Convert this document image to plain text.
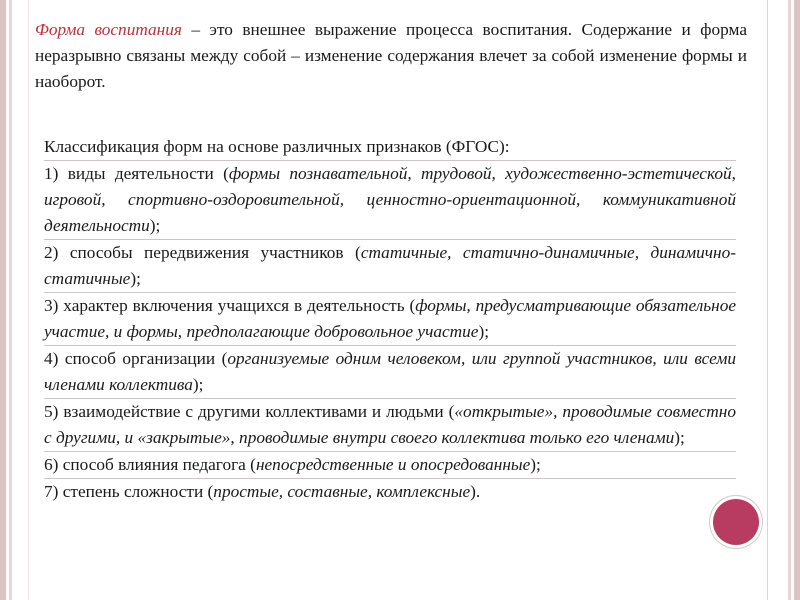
Форма воспитания – это внешнее выражение процесса воспитания. Содержание и форма неразрывно связаны между собой – изменение содержания влечет за собой изменение формы и наоборот.

Классификация форм на основе различных признаков (ФГОС):

1) виды деятельности (формы познавательной, трудовой, художественно-эстетической, игровой, спортивно-оздоровительной, ценностно-ориентационной, коммуникативной деятельности);

2) способы передвижения участников (статичные, статично-динамичные, динамично-статичные);

3) характер включения учащихся в деятельность (формы, предусматривающие обязательное участие, и формы, предполагающие добровольное участие);

4) способ организации (организуемые одним человеком, или группой участников, или всеми членами коллектива);

5) взаимодействие с другими коллективами и людьми («открытые», проводимые совместно с другими, и «закрытые», проводимые внутри своего коллектива только его членами);

6) способ влияния педагога (непосредственные и опосредованные);

7) степень сложности (простые, составные, комплексные).
